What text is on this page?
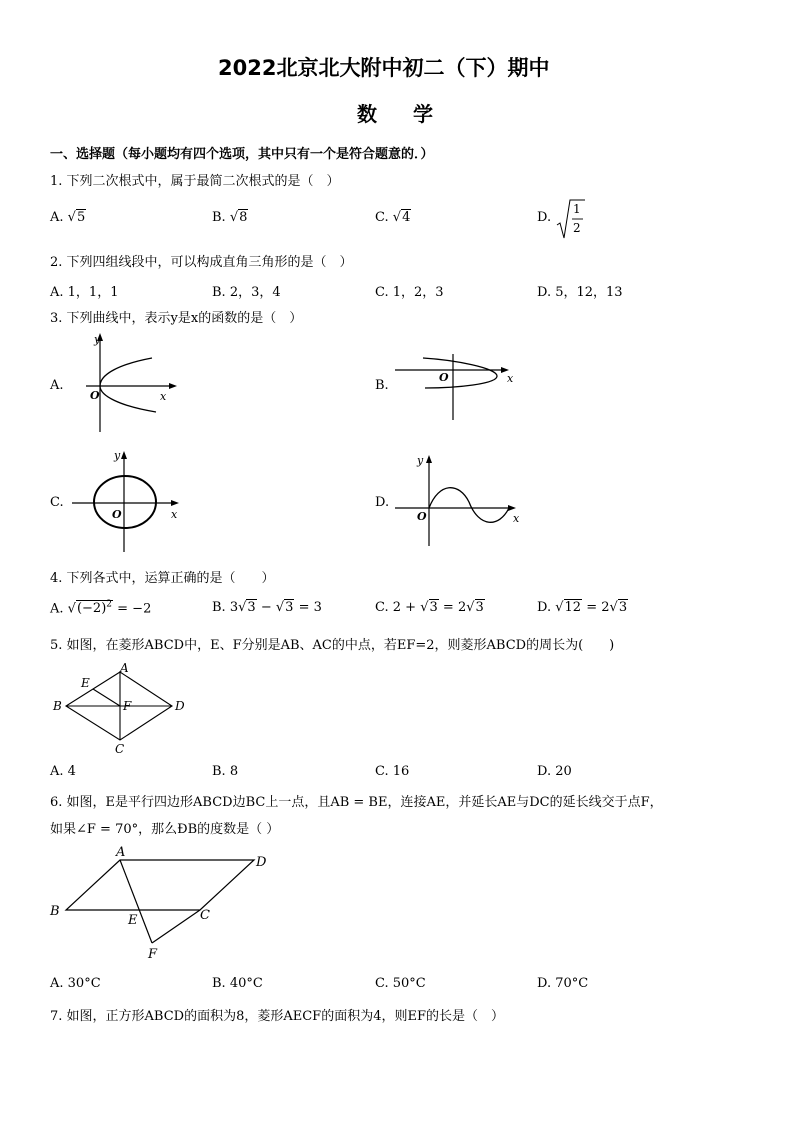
2022北京北大附中初二（下）期中
数学
一、选择题（每小题均有四个选项，其中只有一个是符合题意的．）
1. 下列二次根式中，属于最简二次根式的是（　）
A. √5	B. √8	C. √4	D.
1
2
2. 下列四组线段中，可以构成直角三角形的是（　）
A. 1，1，1	B. 2，3，4	C. 1，2，3	D. 5，12，13
3. 下列曲线中，表示y是x的函数的是（　）
A.
y
x
O
B.
O	x
C.
y
x
O
D.
y
x
O
4. 下列各式中，运算正确的是（　　）
A. $√(-2)^2 = -2$	B. 3√3 − √3 = 3	C. 2 + √3 = 2√3	D. √12 = 2√3
5. 如图，在菱形ABCD中，E、F分别是AB、AC的中点，若EF=2，则菱形ABCD的周长为(　　)
A
B
C
D
E
F
A. 4	B. 8	C. 16	D. 20
6. 如图，E是平行四边形ABCD边BC上一点，且AB = BE，连接AE，并延长AE与DC的延长线交于点F，
如果∠F = 70°，那么ÐB的度数是（ ）
A
B	C
D
E
F
A. 30°C	B. 40°C	C. 50°C	D. 70°C
7. 如图，正方形ABCD的面积为8，菱形AECF的面积为4，则EF的长是（　）
